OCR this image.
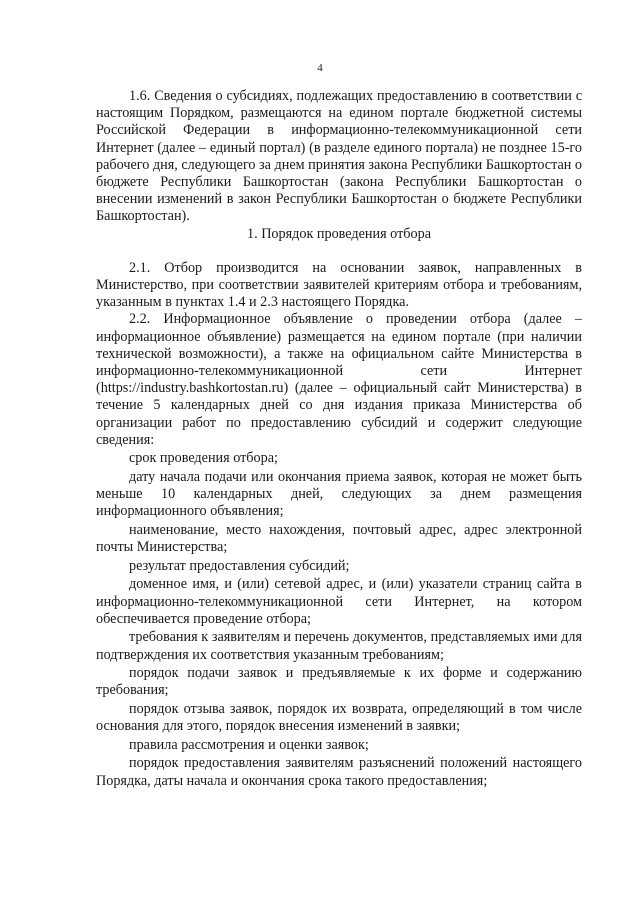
4

1.6. Сведения о субсидиях, подлежащих предоставлению в соответствии с настоящим Порядком, размещаются на едином портале бюджетной системы Российской Федерации в информационно-телекоммуникационной сети Интернет (далее – единый портал) (в разделе единого портала) не позднее 15-го рабочего дня, следующего за днем принятия закона Республики Башкортостан о бюджете Республики Башкортостан (закона Республики Башкортостан о внесении изменений в закон Республики Башкортостан о бюджете Республики Башкортостан).

1. Порядок проведения отбора

2.1. Отбор производится на основании заявок, направленных в Министерство, при соответствии заявителей критериям отбора и требованиям, указанным в пунктах 1.4 и 2.3 настоящего Порядка.

2.2. Информационное объявление о проведении отбора (далее – информационное объявление) размещается на едином портале (при наличии технической возможности), а также на официальном сайте Министерства в информационно-телекоммуникационной сети Интернет (https://industry.bashkortostan.ru) (далее – официальный сайт Министерства) в течение 5 календарных дней со дня издания приказа Министерства об организации работ по предоставлению субсидий и содержит следующие сведения:

срок проведения отбора;

дату начала подачи или окончания приема заявок, которая не может быть меньше 10 календарных дней, следующих за днем размещения информационного объявления;

наименование, место нахождения, почтовый адрес, адрес электронной почты Министерства;

результат предоставления субсидий;

доменное имя, и (или) сетевой адрес, и (или) указатели страниц сайта в информационно-телекоммуникационной сети Интернет, на котором обеспечивается проведение отбора;

требования к заявителям и перечень документов, представляемых ими для подтверждения их соответствия указанным требованиям;

порядок подачи заявок и предъявляемые к их форме и содержанию требования;

порядок отзыва заявок, порядок их возврата, определяющий в том числе основания для этого, порядок внесения изменений в заявки;

правила рассмотрения и оценки заявок;

порядок предоставления заявителям разъяснений положений настоящего Порядка, даты начала и окончания срока такого предоставления;
